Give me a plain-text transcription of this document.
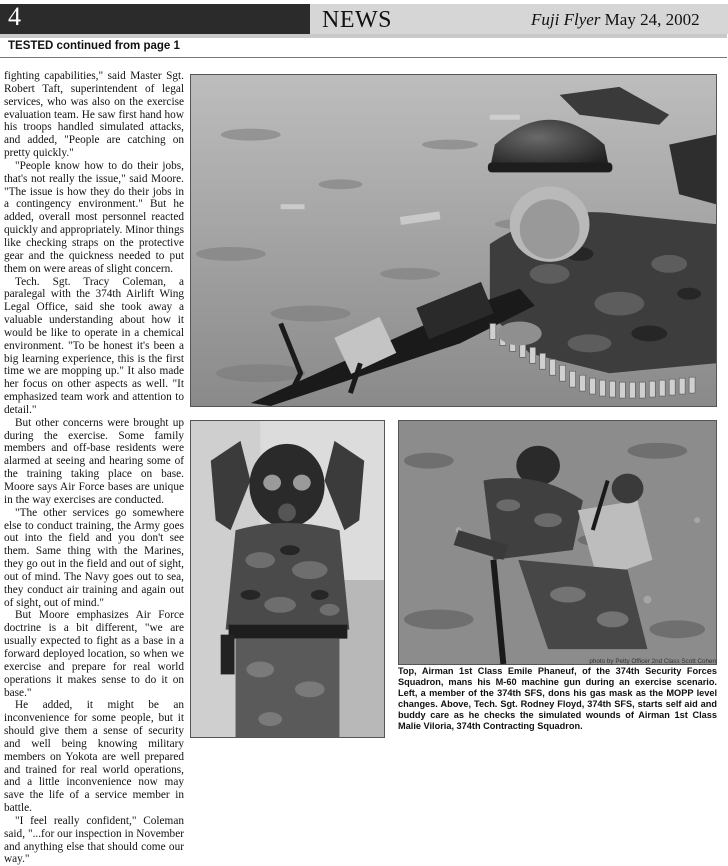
4	NEWS	Fuji Flyer May 24, 2002
TESTED continued from page 1

fighting capabilities," said Master Sgt. Robert Taft, superintendent of legal services, who was also on the exercise evaluation team. He saw first hand how his troops handled simulated attacks, and added, "People are catching on pretty quickly."

"People know how to do their jobs, that's not really the issue," said Moore. "The issue is how they do their jobs in a contingency environment." But he added, overall most personnel reacted quickly and appropriately. Minor things like checking straps on the protective gear and the quickness needed to put them on were areas of slight concern.

Tech. Sgt. Tracy Coleman, a paralegal with the 374th Airlift Wing Legal Office, said she took away a valuable understanding about how it would be like to operate in a chemical environment. "To be honest it's been a big learning experience, this is the first time we are mopping up." It also made her focus on other aspects as well. "It emphasized team work and attention to detail."

But other concerns were brought up during the exercise. Some family members and off-base residents were alarmed at seeing and hearing some of the training taking place on base. Moore says Air Force bases are unique in the way exercises are conducted.

"The other services go somewhere else to conduct training, the Army goes out into the field and you don't see them. Same thing with the Marines, they go out in the field and out of sight, out of mind. The Navy goes out to sea, they conduct air training and again out of sight, out of mind."

But Moore emphasizes Air Force doctrine is a bit different, "we are usually expected to fight as a base in a forward deployed location, so when we exercise and prepare for real world operations it makes sense to do it on base."

He added, it might be an inconvenience for some people, but it should give them a sense of security and well being knowing military members on Yokota are well prepared and trained for real world operations, and a little inconvenience now may save the life of a service member in battle.

"I feel really confident," Coleman said, "...for our inspection in November and anything else that should come our way."

photo by Petty Officer 2nd Class Scott Cohen
Top, Airman 1st Class Emile Phaneuf, of the 374th Security Forces Squadron, mans his M-60 machine gun during an exercise scenario. Left, a member of the 374th SFS, dons his gas mask as the MOPP level changes. Above, Tech. Sgt. Rodney Floyd, 374th SFS, starts self aid and buddy care as he checks the simulated wounds of Airman 1st Class Malie Viloria, 374th Contracting Squadron.
